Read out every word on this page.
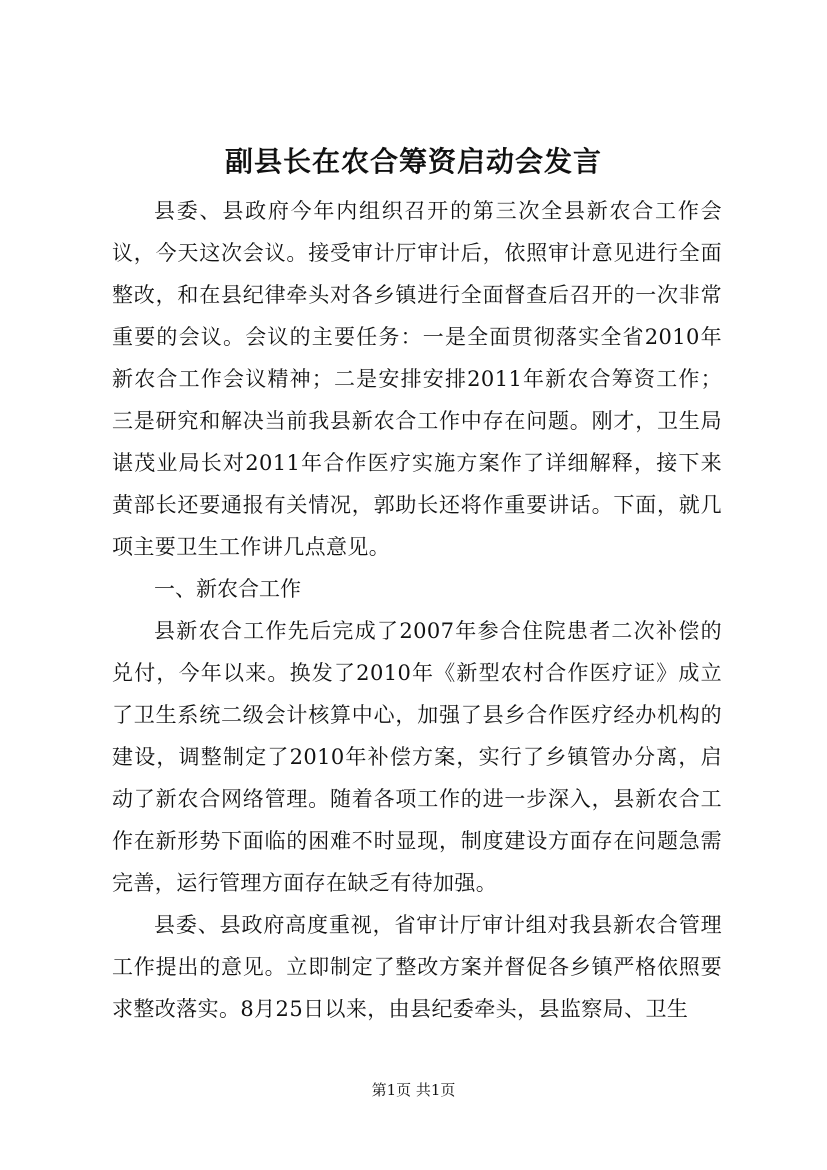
副县长在农合筹资启动会发言

县委、县政府今年内组织召开的第三次全县新农合工作会议，今天这次会议。接受审计厅审计后，依照审计意见进行全面整改，和在县纪律牵头对各乡镇进行全面督查后召开的一次非常重要的会议。会议的主要任务：一是全面贯彻落实全省2010年新农合工作会议精神；二是安排安排2011年新农合筹资工作；三是研究和解决当前我县新农合工作中存在问题。刚才，卫生局谌茂业局长对2011年合作医疗实施方案作了详细解释，接下来黄部长还要通报有关情况，郭助长还将作重要讲话。下面，就几项主要卫生工作讲几点意见。

一、新农合工作

县新农合工作先后完成了2007年参合住院患者二次补偿的兑付，今年以来。换发了2010年《新型农村合作医疗证》成立了卫生系统二级会计核算中心，加强了县乡合作医疗经办机构的建设，调整制定了2010年补偿方案，实行了乡镇管办分离，启动了新农合网络管理。随着各项工作的进一步深入，县新农合工作在新形势下面临的困难不时显现，制度建设方面存在问题急需完善，运行管理方面存在缺乏有待加强。

县委、县政府高度重视，省审计厅审计组对我县新农合管理工作提出的意见。立即制定了整改方案并督促各乡镇严格依照要求整改落实。8月25日以来，由县纪委牵头，县监察局、卫生

第1页 共1页
